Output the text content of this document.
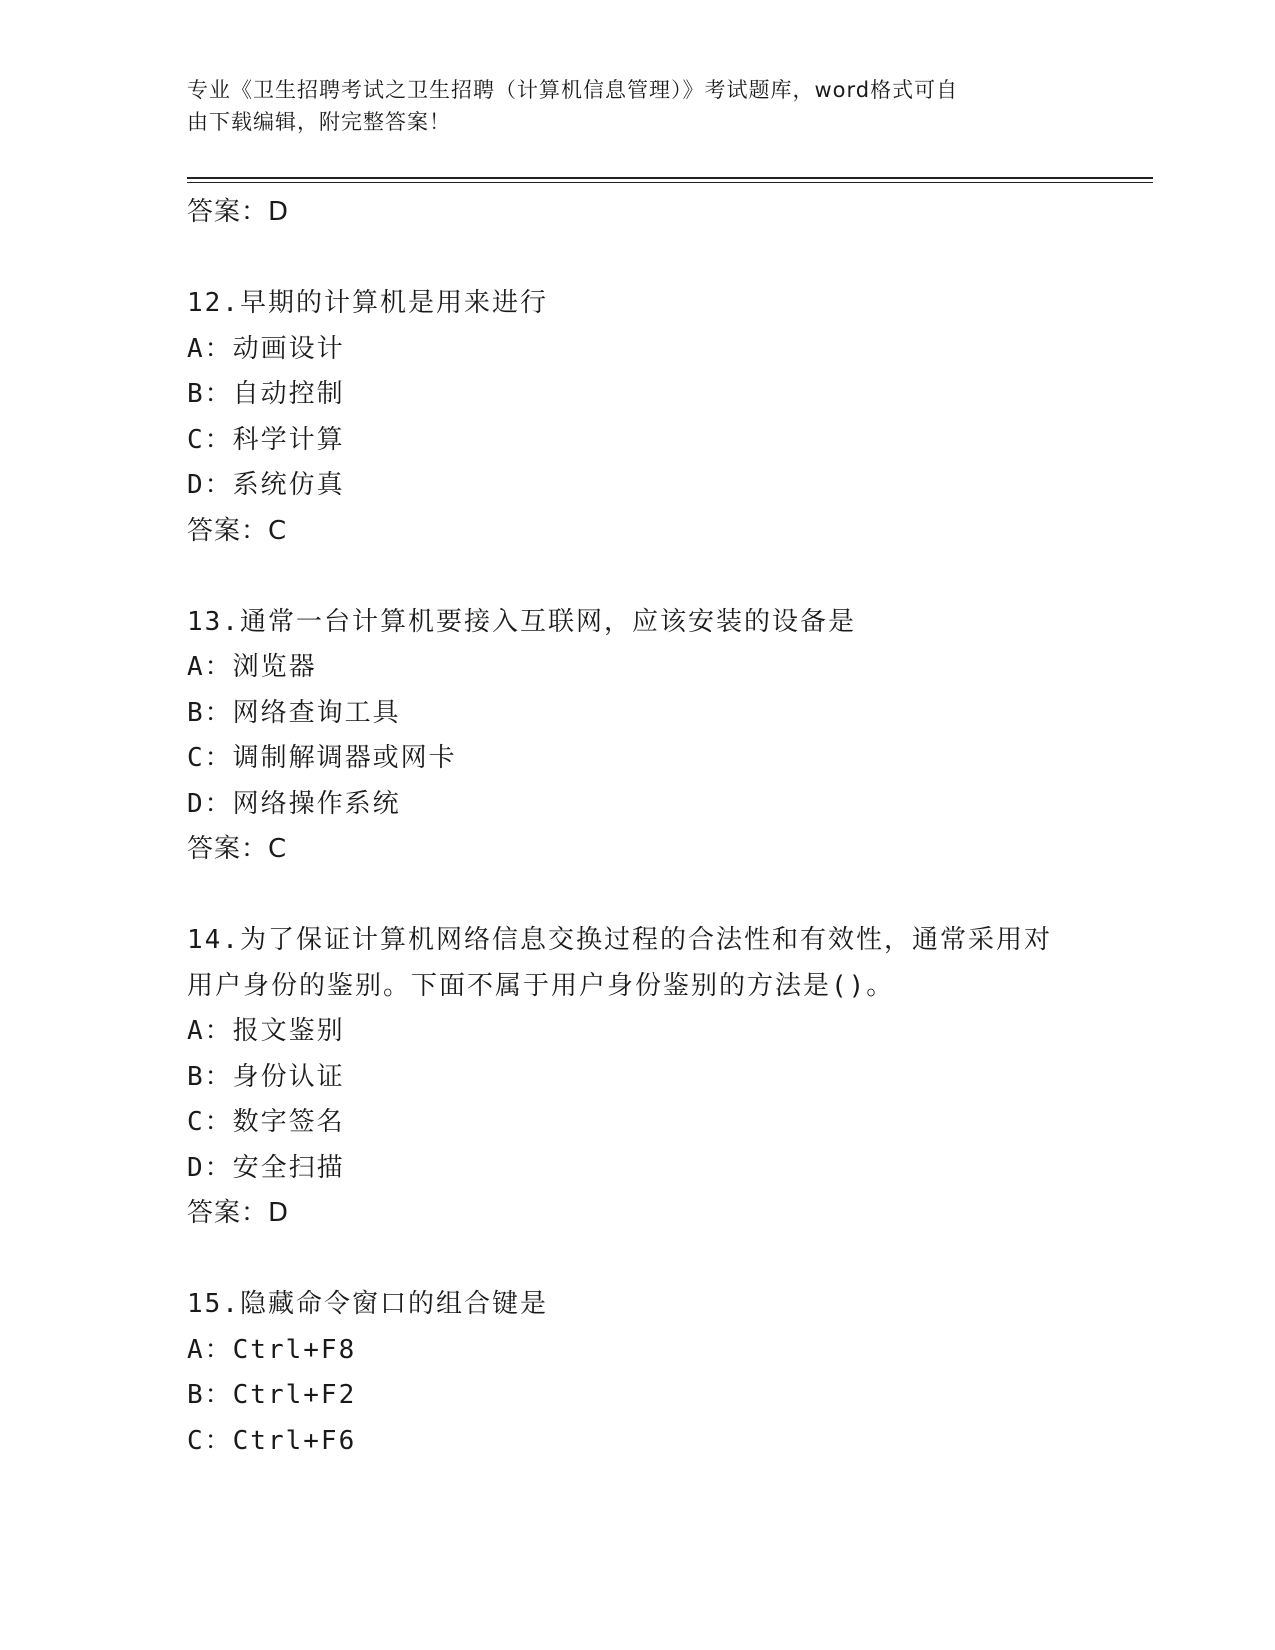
专业《卫生招聘考试之卫生招聘（计算机信息管理）》考试题库，word格式可自
由下载编辑，附完整答案！
答案：D
12.早期的计算机是用来进行
A：动画设计
B：自动控制
C：科学计算
D：系统仿真
答案：C
13.通常一台计算机要接入互联网，应该安装的设备是
A：浏览器
B：网络查询工具
C：调制解调器或网卡
D：网络操作系统
答案：C
14.为了保证计算机网络信息交换过程的合法性和有效性，通常采用对
用户身份的鉴别。下面不属于用户身份鉴别的方法是()。
A：报文鉴别
B：身份认证
C：数字签名
D：安全扫描
答案：D
15.隐藏命令窗口的组合键是
A：Ctrl+F8
B：Ctrl+F2
C：Ctrl+F6
